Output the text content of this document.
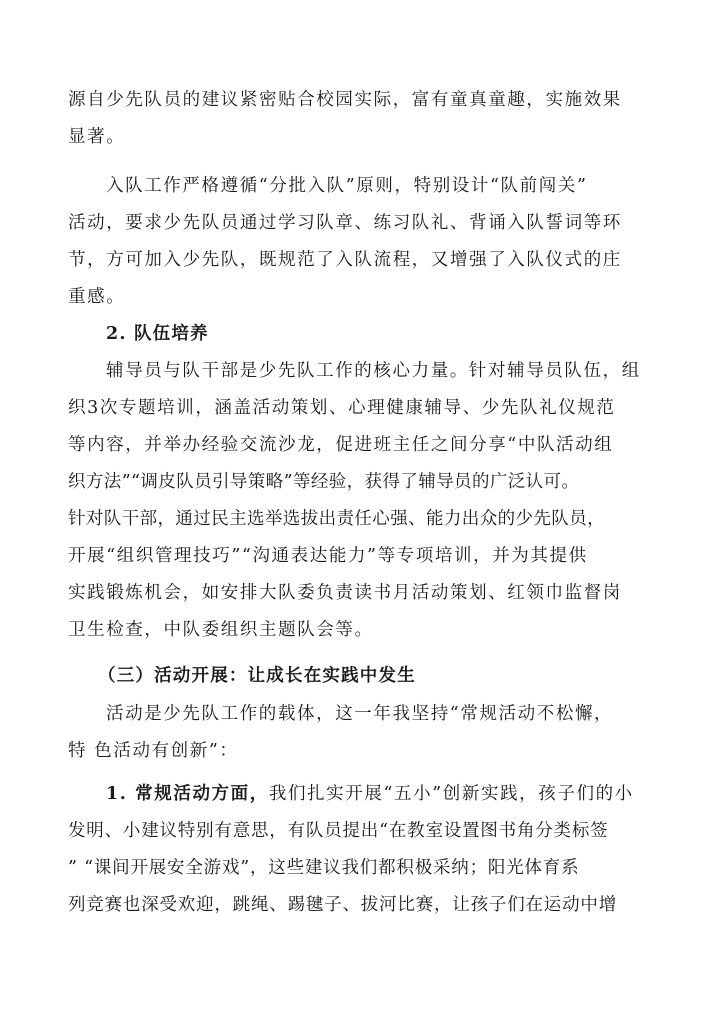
源自少先队员的建议紧密贴合校园实际，富有童真童趣，实施效果
显著。
入队工作严格遵循“分批入队”原则，特别设计“队前闯关”
活动，要求少先队员通过学习队章、练习队礼、背诵入队誓词等环
节，方可加入少先队，既规范了入队流程，又增强了入队仪式的庄
重感。
2. 队伍培养
辅导员与队干部是少先队工作的核心力量。针对辅导员队伍，组
织3次专题培训，涵盖活动策划、心理健康辅导、少先队礼仪规范
等内容，并举办经验交流沙龙，促进班主任之间分享“中队活动组
织方法”“调皮队员引导策略”等经验，获得了辅导员的广泛认可。
针对队干部，通过民主选举选拔出责任心强、能力出众的少先队员，
开展“组织管理技巧”“沟通表达能力”等专项培训，并为其提供
实践锻炼机会，如安排大队委负责读书月活动策划、红领巾监督岗
卫生检查，中队委组织主题队会等。
（三）活动开展：让成长在实践中发生
活动是少先队工作的载体，这一年我坚持“常规活动不松懈，
特 色活动有创新”：
1. 常规活动方面，我们扎实开展“五小”创新实践，孩子们的小
发明、小建议特别有意思，有队员提出“在教室设置图书角分类标签
” “课间开展安全游戏”，这些建议我们都积极采纳；阳光体育系
列竞赛也深受欢迎，跳绳、踢毽子、拔河比赛，让孩子们在运动中增
